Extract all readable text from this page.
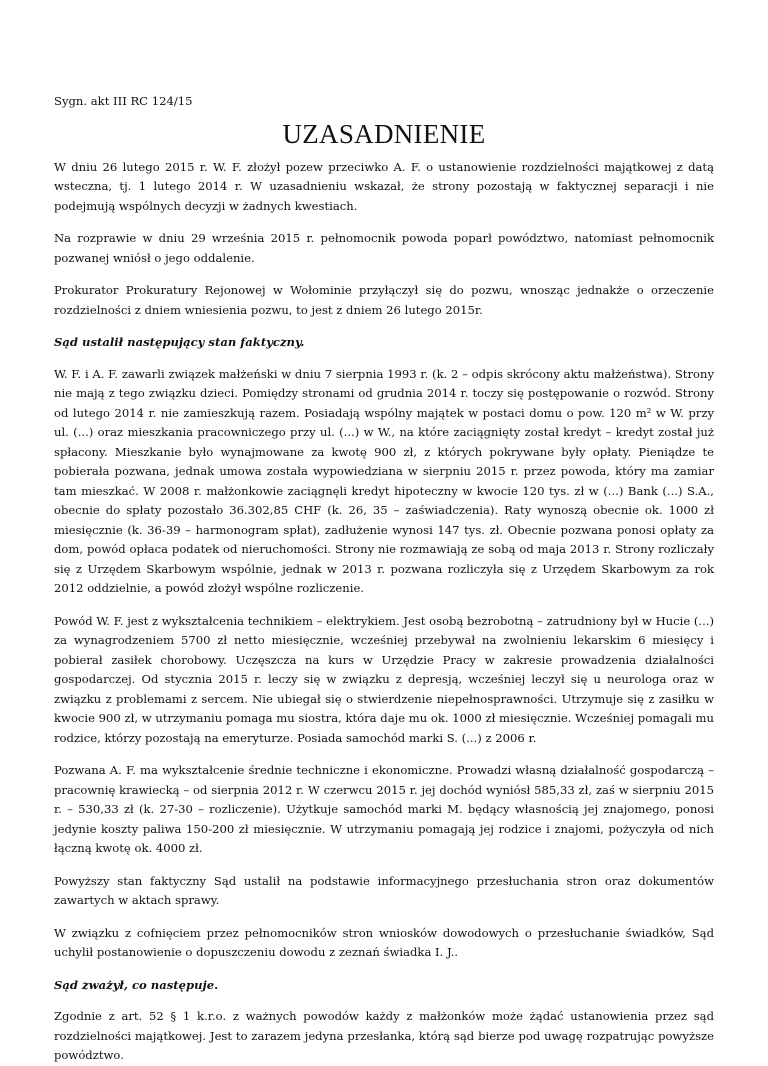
Sygn. akt III RC 124/15

UZASADNIENIE

W dniu 26 lutego 2015 r. W. F. złożył pozew przeciwko A. F. o ustanowienie rozdzielności majątkowej z datą wsteczna, tj. 1 lutego 2014 r. W uzasadnieniu wskazał, że strony pozostają w faktycznej separacji i nie podejmują wspólnych decyzji w żadnych kwestiach.

Na rozprawie w dniu 29 września 2015 r. pełnomocnik powoda poparł powództwo, natomiast pełnomocnik pozwanej wniósł o jego oddalenie.

Prokurator Prokuratury Rejonowej w Wołominie przyłączył się do pozwu, wnosząc jednakże o orzeczenie rozdzielności z dniem wniesienia pozwu, to jest z dniem 26 lutego 2015r.

Sąd ustalił następujący stan faktyczny.

W. F. i A. F. zawarli związek małżeński w dniu 7 sierpnia 1993 r. (k. 2 – odpis skrócony aktu małżeństwa). Strony nie mają z tego związku dzieci. Pomiędzy stronami od grudnia 2014 r. toczy się postępowanie o rozwód. Strony od lutego 2014 r. nie zamieszkują razem. Posiadają wspólny majątek w postaci domu o pow. 120 m² w W. przy ul. (...) oraz mieszkania pracowniczego przy ul. (...) w W., na które zaciągnięty został kredyt – kredyt został już spłacony. Mieszkanie było wynajmowane za kwotę 900 zł, z których pokrywane były opłaty. Pieniądze te pobierała pozwana, jednak umowa została wypowiedziana w sierpniu 2015 r. przez powoda, który ma zamiar tam mieszkać. W 2008 r. małżonkowie zaciągnęli kredyt hipoteczny w kwocie 120 tys. zł w (...) Bank (...) S.A., obecnie do spłaty pozostało 36.302,85 CHF (k. 26, 35 – zaświadczenia). Raty wynoszą obecnie ok. 1000 zł miesięcznie (k. 36-39 – harmonogram spłat), zadłużenie wynosi 147 tys. zł. Obecnie pozwana ponosi opłaty za dom, powód opłaca podatek od nieruchomości. Strony nie rozmawiają ze sobą od maja 2013 r. Strony rozliczały się z Urzędem Skarbowym wspólnie, jednak w 2013 r. pozwana rozliczyła się z Urzędem Skarbowym za rok 2012 oddzielnie, a powód złożył wspólne rozliczenie.

Powód W. F. jest z wykształcenia technikiem – elektrykiem. Jest osobą bezrobotną – zatrudniony był w Hucie (...) za wynagrodzeniem 5700 zł netto miesięcznie, wcześniej przebywał na zwolnieniu lekarskim 6 miesięcy i pobierał zasiłek chorobowy. Uczęszcza na kurs w Urzędzie Pracy w zakresie prowadzenia działalności gospodarczej. Od stycznia 2015 r. leczy się w związku z depresją, wcześniej leczył się u neurologa oraz w związku z problemami z sercem. Nie ubiegał się o stwierdzenie niepełnosprawności. Utrzymuje się z zasiłku w kwocie 900 zł, w utrzymaniu pomaga mu siostra, która daje mu ok. 1000 zł miesięcznie. Wcześniej pomagali mu rodzice, którzy pozostają na emeryturze. Posiada samochód marki S. (...) z 2006 r.

Pozwana A. F. ma wykształcenie średnie techniczne i ekonomiczne. Prowadzi własną działalność gospodarczą – pracownię krawiecką – od sierpnia 2012 r. W czerwcu 2015 r. jej dochód wyniósł 585,33 zł, zaś w sierpniu 2015 r. – 530,33 zł (k. 27-30 – rozliczenie). Użytkuje samochód marki M. będący własnością jej znajomego, ponosi jedynie koszty paliwa 150-200 zł miesięcznie. W utrzymaniu pomagają jej rodzice i znajomi, pożyczyła od nich łączną kwotę ok. 4000 zł.

Powyższy stan faktyczny Sąd ustalił na podstawie informacyjnego przesłuchania stron oraz dokumentów zawartych w aktach sprawy.

W związku z cofnięciem przez pełnomocników stron wniosków dowodowych o przesłuchanie świadków, Sąd uchylił postanowienie o dopuszczeniu dowodu z zeznań świadka I. J..

Sąd zważył, co następuje.

Zgodnie z art. 52 § 1 k.r.o. z ważnych powodów każdy z małżonków może żądać ustanowienia przez sąd rozdzielności majątkowej. Jest to zarazem jedyna przesłanka, którą sąd bierze pod uwagę rozpatrując powyższe powództwo.
